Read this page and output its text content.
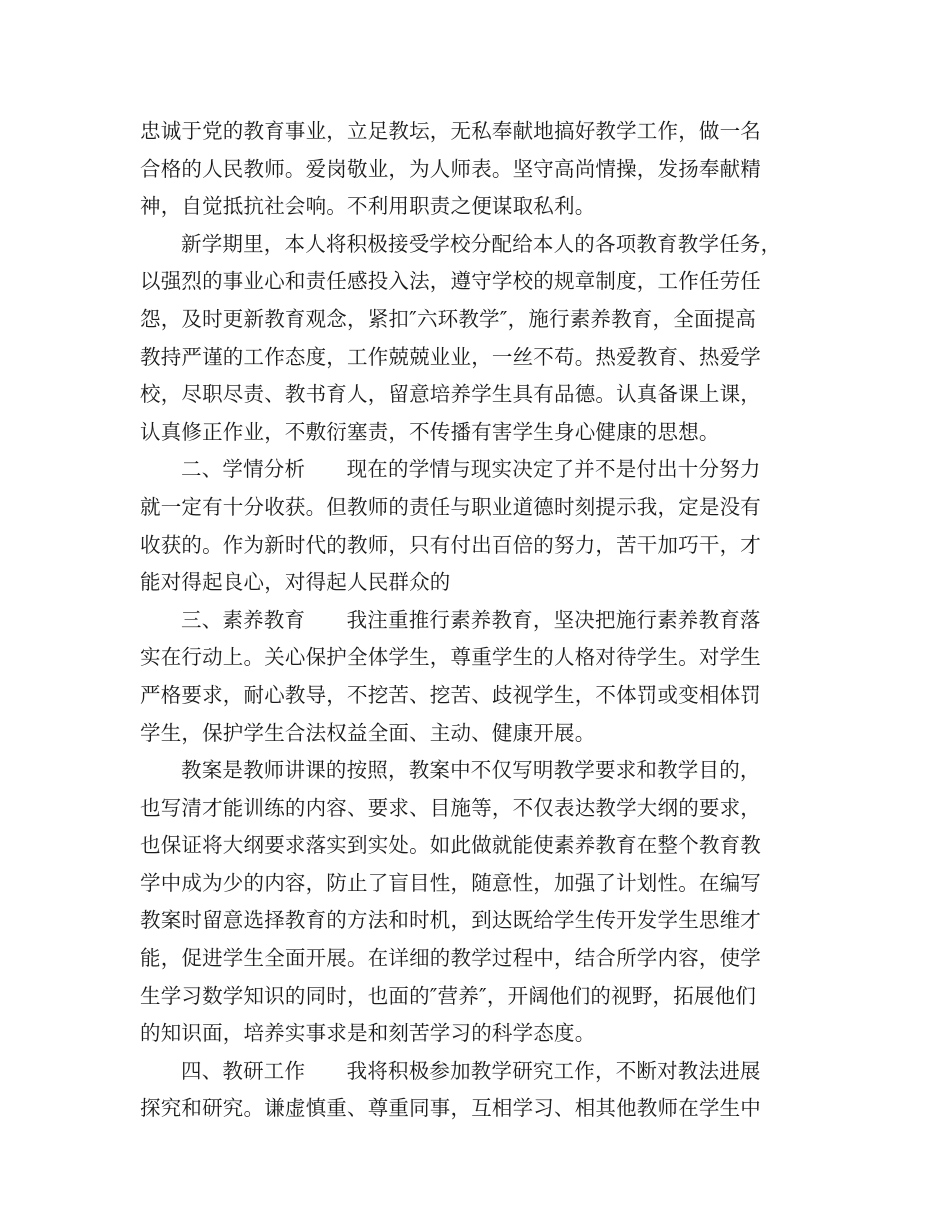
忠诚于党的教育事业，立足教坛，无私奉献地搞好教学工作，做一名
合格的人民教师。爱岗敬业，为人师表。坚守高尚情操，发扬奉献精
神，自觉抵抗社会响。不利用职责之便谋取私利。
新学期里，本人将积极接受学校分配给本人的各项教育教学任务，
以强烈的事业心和责任感投入法，遵守学校的规章制度，工作任劳任
怨，及时更新教育观念，紧扣″六环教学″，施行素养教育，全面提高
教持严谨的工作态度，工作兢兢业业，一丝不苟。热爱教育、热爱学
校，尽职尽责、教书育人，留意培养学生具有品德。认真备课上课，
认真修正作业，不敷衍塞责，不传播有害学生身心健康的思想。
二、学情分析　　现在的学情与现实决定了并不是付出十分努力
就一定有十分收获。但教师的责任与职业道德时刻提示我，定是没有
收获的。作为新时代的教师，只有付出百倍的努力，苦干加巧干，才
能对得起良心，对得起人民群众的
三、素养教育　　我注重推行素养教育，坚决把施行素养教育落
实在行动上。关心保护全体学生，尊重学生的人格对待学生。对学生
严格要求，耐心教导，不挖苦、挖苦、歧视学生，不体罚或变相体罚
学生，保护学生合法权益全面、主动、健康开展。
教案是教师讲课的按照，教案中不仅写明教学要求和教学目的，
也写清才能训练的内容、要求、目施等，不仅表达教学大纲的要求，
也保证将大纲要求落实到实处。如此做就能使素养教育在整个教育教
学中成为少的内容，防止了盲目性，随意性，加强了计划性。在编写
教案时留意选择教育的方法和时机，到达既给学生传开发学生思维才
能，促进学生全面开展。在详细的教学过程中，结合所学内容，使学
生学习数学知识的同时，也面的″营养″，开阔他们的视野，拓展他们
的知识面，培养实事求是和刻苦学习的科学态度。
四、教研工作　　我将积极参加教学研究工作，不断对教法进展
探究和研究。谦虚慎重、尊重同事，互相学习、相其他教师在学生中
